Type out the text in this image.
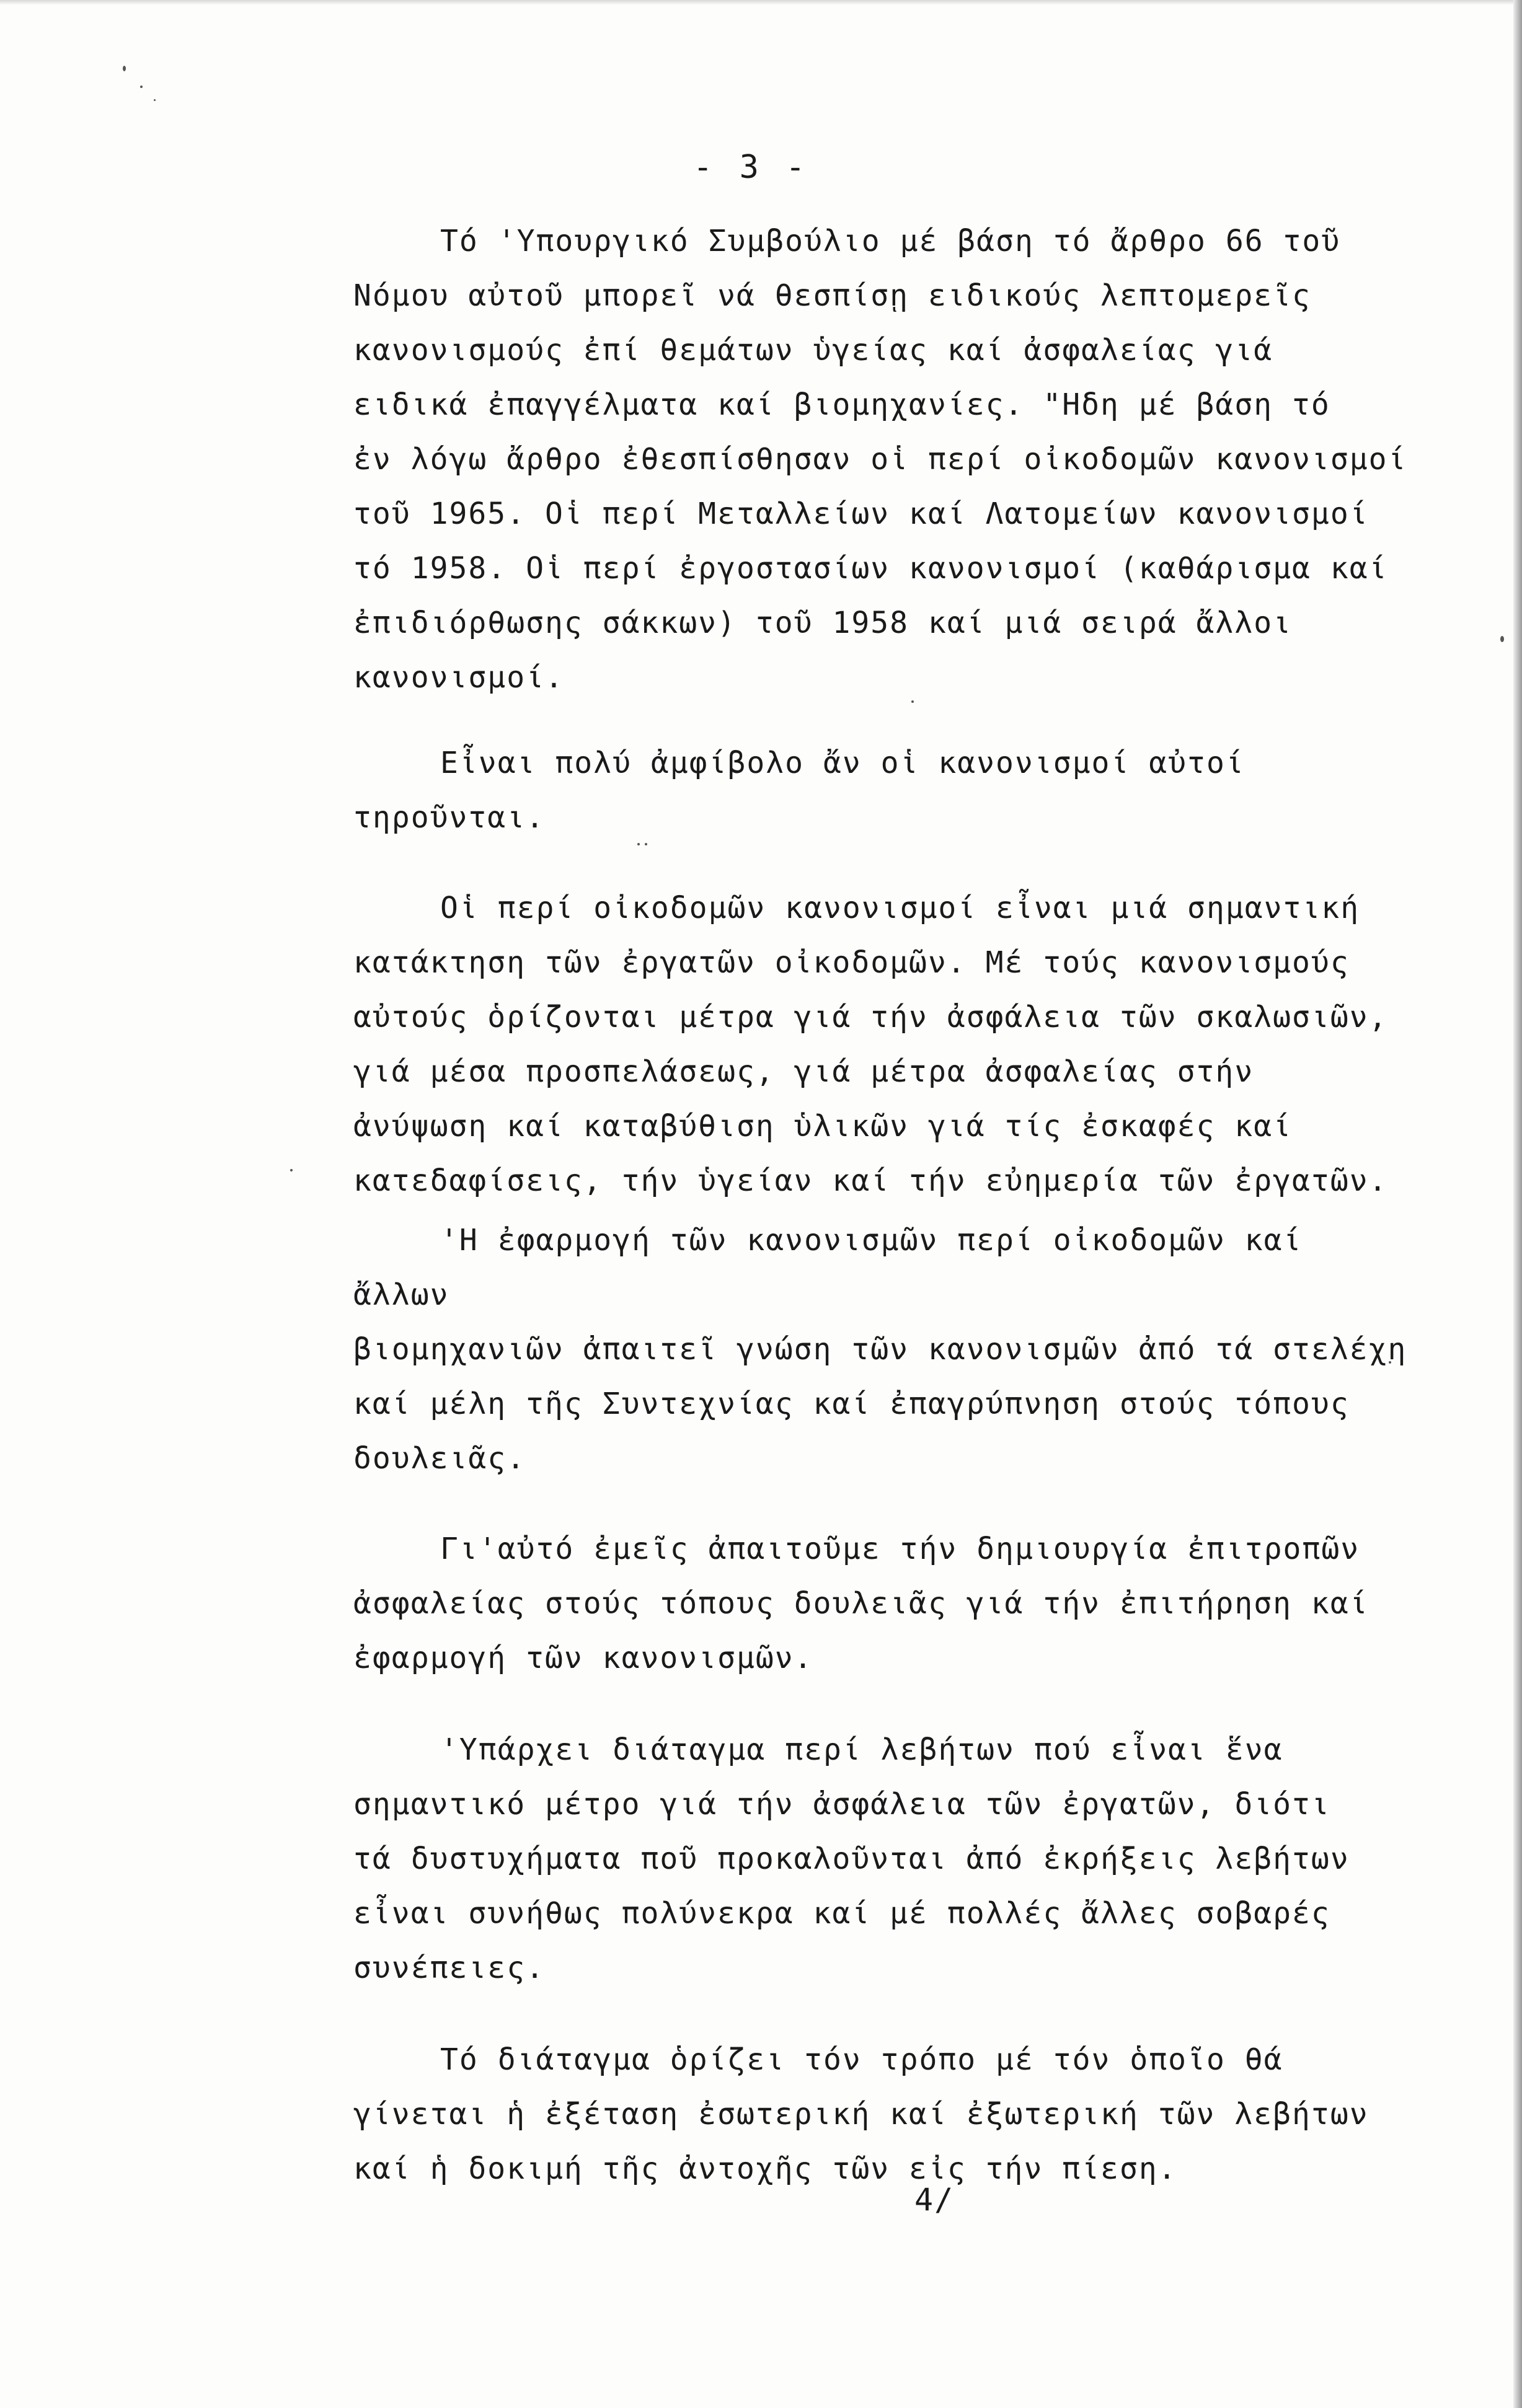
- 3 -

Τό 'Υπουργικό Συμβούλιο μέ βάση τό ἄρθρο 66 τοῦ
Νόμου αὐτοῦ μπορεῖ νά θεσπίσῃ ειδικούς λεπτομερεῖς
κανονισμούς ἐπί θεμάτων ὑγείας καί ἀσφαλείας γιά
ειδικά ἐπαγγέλματα καί βιομηχανίες. "Ηδη μέ βάση τό
ἐν λόγω ἄρθρο ἐθεσπίσθησαν οἱ περί οἰκοδομῶν κανονισμοί
τοῦ 1965. Οἱ περί Μεταλλείων καί Λατομείων κανονισμοί
τό 1958. Οἱ περί ἐργοστασίων κανονισμοί (καθάρισμα καί
ἐπιδιόρθωσης σάκκων) τοῦ 1958 καί μιά σειρά ἄλλοι
κανονισμοί.

Εἶναι πολύ ἀμφίβολο ἄν οἱ κανονισμοί αὐτοί
τηροῦνται.

Οἱ περί οἰκοδομῶν κανονισμοί εἶναι μιά σημαντική
κατάκτηση τῶν ἐργατῶν οἰκοδομῶν. Μέ τούς κανονισμούς
αὐτούς ὁρίζονται μέτρα γιά τήν ἀσφάλεια τῶν σκαλωσιῶν,
γιά μέσα προσπελάσεως, γιά μέτρα ἀσφαλείας στήν
ἀνύψωση καί καταβύθιση ὑλικῶν γιά τίς ἐσκαφές καί
κατεδαφίσεις, τήν ὑγείαν καί τήν εὐημερία τῶν ἐργατῶν.

'Η ἐφαρμογή τῶν κανονισμῶν περί οἰκοδομῶν καί ἄλλων
βιομηχανιῶν ἀπαιτεῖ γνώση τῶν κανονισμῶν ἀπό τά στελέχη
καί μέλη τῆς Συντεχνίας καί ἐπαγρύπνηση στούς τόπους
δουλειᾶς.

Γι'αὐτό ἐμεῖς ἀπαιτοῦμε τήν δημιουργία ἐπιτροπῶν
ἀσφαλείας στούς τόπους δουλειᾶς γιά τήν ἐπιτήρηση καί
ἐφαρμογή τῶν κανονισμῶν.

'Υπάρχει διάταγμα περί λεβήτων πού εἶναι ἕνα
σημαντικό μέτρο γιά τήν ἀσφάλεια τῶν ἐργατῶν, διότι
τά δυστυχήματα ποῦ προκαλοῦνται ἀπό ἐκρήξεις λεβήτων
εἶναι συνήθως πολύνεκρα καί μέ πολλές ἄλλες σοβαρές
συνέπειες.

Τό διάταγμα ὁρίζει τόν τρόπο μέ τόν ὁποῖο θά
γίνεται ἡ ἐξέταση ἐσωτερική καί ἐξωτερική τῶν λεβήτων
καί ἡ δοκιμή τῆς ἀντοχῆς τῶν εἰς τήν πίεση.

4/
